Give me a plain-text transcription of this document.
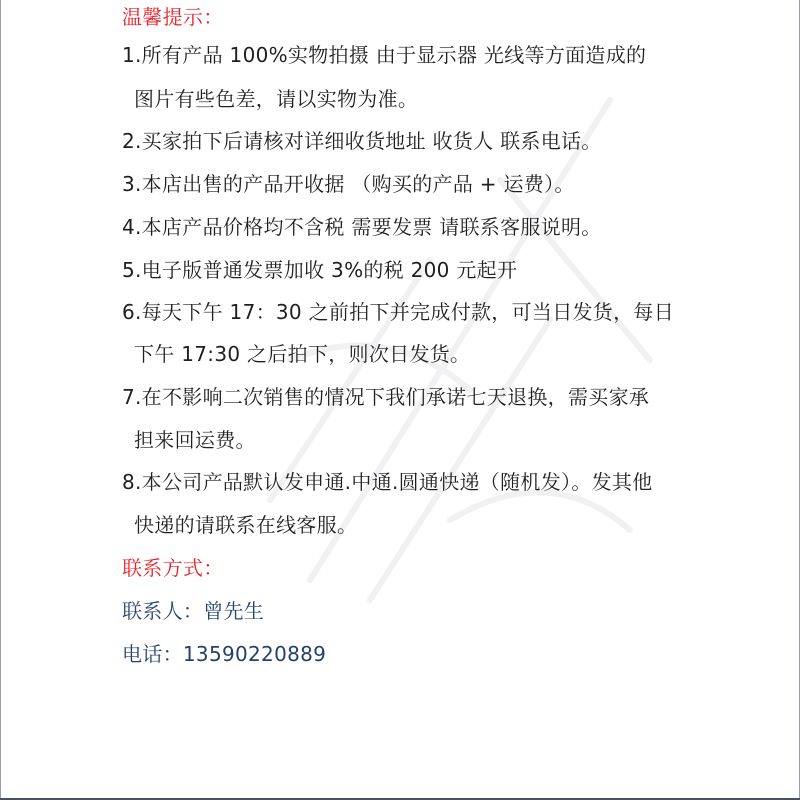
温馨提示：
1.所有产品 100%实物拍摄 由于显示器 光线等方面造成的
图片有些色差，请以实物为准。
2.买家拍下后请核对详细收货地址 收货人 联系电话。
3.本店出售的产品开收据 （购买的产品 + 运费）。
4.本店产品价格均不含税 需要发票 请联系客服说明。
5.电子版普通发票加收 3%的税 200 元起开
6.每天下午 17：30 之前拍下并完成付款，可当日发货，每日
下午 17:30 之后拍下，则次日发货。
7.在不影响二次销售的情况下我们承诺七天退换，需买家承
担来回运费。
8.本公司产品默认发申通.中通.圆通快递（随机发）。发其他
快递的请联系在线客服。
联系方式：
联系人：曾先生
电话：13590220889
